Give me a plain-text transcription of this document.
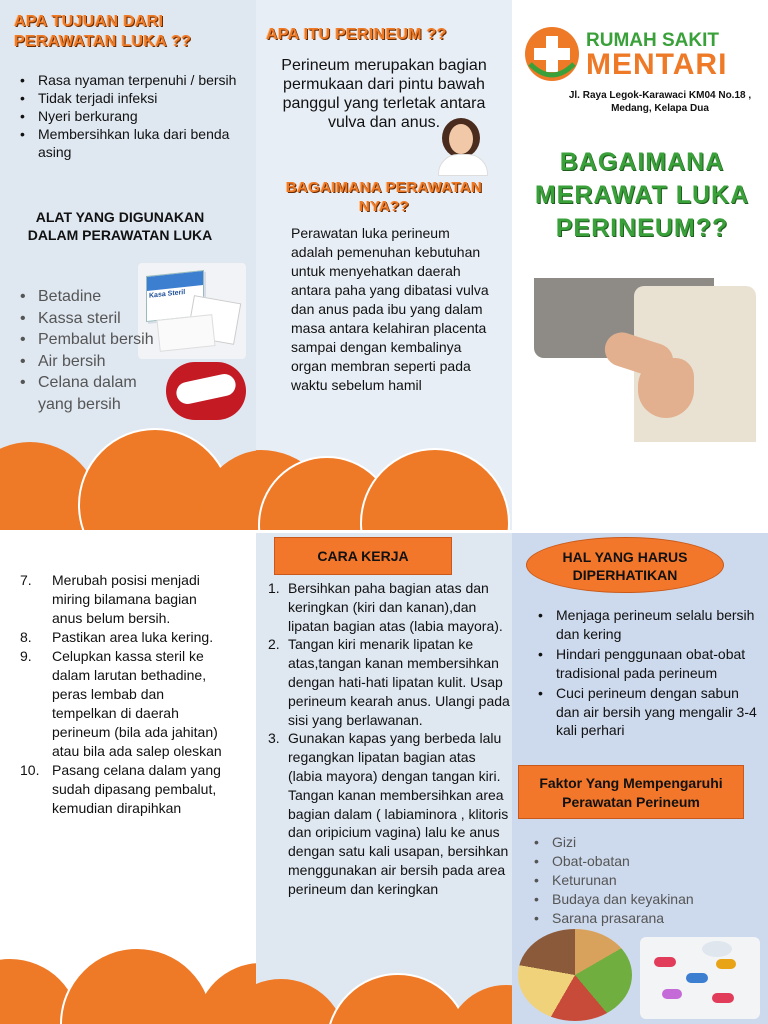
APA TUJUAN DARI PERAWATAN LUKA ??
• Rasa nyaman terpenuhi / bersih
• Tidak terjadi infeksi
• Nyeri berkurang
• Membersihkan luka dari benda asing
ALAT YANG DIGUNAKAN DALAM PERAWATAN LUKA
Kasa Steril
• Betadine
• Kassa steril
• Pembalut bersih
• Air bersih
• Celana dalam yang bersih
APA ITU PERINEUM ??
Perineum merupakan bagian permukaan dari pintu bawah panggul yang terletak antara vulva dan anus.
BAGAIMANA PERAWATAN NYA??
Perawatan luka perineum adalah pemenuhan kebutuhan untuk menyehatkan daerah antara paha yang dibatasi vulva dan anus pada ibu yang dalam masa antara kelahiran placenta sampai dengan kembalinya organ membran seperti pada waktu sebelum hamil
RUMAH SAKIT
MENTARI
Jl. Raya Legok-Karawaci KM04 No.18 , Medang, Kelapa Dua
BAGAIMANA MERAWAT LUKA PERINEUM??
7. Merubah posisi menjadi miring bilamana bagian anus belum bersih.
8. Pastikan area luka kering.
9. Celupkan kassa steril ke dalam larutan bethadine, peras lembab dan tempelkan di daerah perineum (bila ada jahitan) atau bila ada salep oleskan
10. Pasang celana dalam yang sudah dipasang pembalut, kemudian dirapihkan
CARA KERJA
1. Bersihkan paha bagian atas dan keringkan (kiri dan kanan),dan lipatan bagian atas (labia mayora).
2. Tangan kiri menarik lipatan ke atas,tangan kanan membersihkan dengan hati-hati lipatan kulit. Usap perineum kearah anus. Ulangi pada sisi yang berlawanan.
3. Gunakan kapas yang berbeda lalu regangkan lipatan bagian atas (labia mayora) dengan tangan kiri. Tangan kanan membersihkan area bagian dalam ( labiaminora , klitoris dan oripicium vagina) lalu ke anus dengan satu kali usapan, bersihkan menggunakan air bersih pada area perineum dan keringkan
HAL YANG HARUS DIPERHATIKAN
• Menjaga perineum selalu bersih dan kering
• Hindari penggunaan obat-obat tradisional pada perineum
• Cuci perineum dengan sabun dan air bersih yang mengalir 3-4 kali perhari
Faktor Yang Mempengaruhi Perawatan Perineum
• Gizi
• Obat-obatan
• Keturunan
• Budaya dan keyakinan
• Sarana prasarana
